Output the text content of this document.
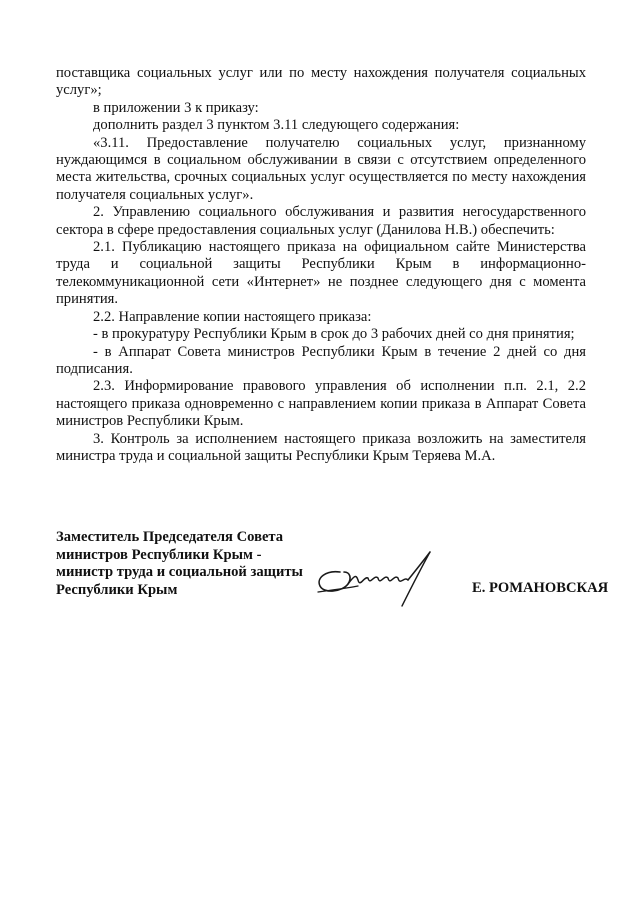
поставщика социальных услуг или по месту нахождения получателя социальных услуг»;

в приложении 3 к приказу:

дополнить раздел 3 пунктом 3.11 следующего содержания:

«3.11. Предоставление получателю социальных услуг, признанному нуждающимся в социальном обслуживании в связи с отсутствием определенного места жительства, срочных социальных услуг осуществляется по месту нахождения получателя социальных услуг».

2. Управлению социального обслуживания и развития негосударственного сектора в сфере предоставления социальных услуг (Данилова Н.В.) обеспечить:

2.1. Публикацию настоящего приказа на официальном сайте Министерства труда и социальной защиты Республики Крым в информационно-телекоммуникационной сети «Интернет» не позднее следующего дня с момента принятия.

2.2. Направление копии настоящего приказа:

- в прокуратуру Республики Крым в срок до 3 рабочих дней со дня принятия;

- в Аппарат Совета министров Республики Крым в течение 2 дней со дня подписания.

2.3. Информирование правового управления об исполнении п.п. 2.1, 2.2 настоящего приказа одновременно с направлением копии приказа в Аппарат Совета министров Республики Крым.

3. Контроль за исполнением настоящего приказа возложить на заместителя министра труда и социальной защиты Республики Крым Теряева М.А.

Заместитель Председателя Совета
министров Республики Крым -
министр труда и социальной защиты
Республики Крым	Е. РОМАНОВСКАЯ
